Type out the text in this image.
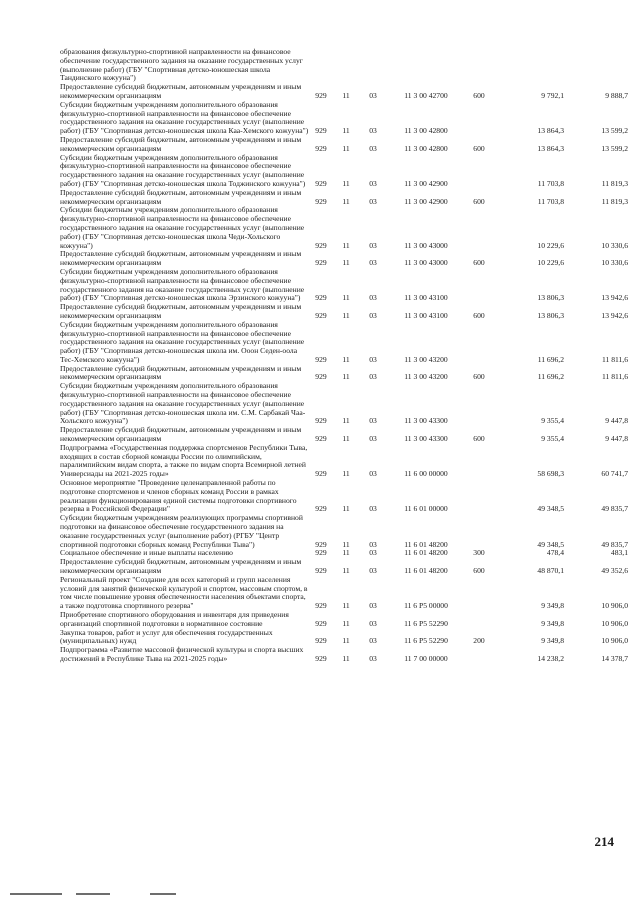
образования физкультурно-спортивной направленности на финансовое обеспечение государственного задания на оказание государственных услуг (выполнение работ) (ГБУ "Спортивная детско-юношеская школа Тандинского кожууна")							
Предоставление субсидий бюджетным, автономным учреждениям и иным некоммерческим организациям	929	11	03	11 3 00 42700	600	9 792,1	9 888,7
Субсидии бюджетным учреждениям дополнительного образования физкультурно-спортивной направленности на финансовое обеспечение государственного задания на оказание государственных услуг (выполнение работ) (ГБУ "Спортивная детско-юношеская школа Каа-Хемского кожууна")	929	11	03	11 3 00 42800		13 864,3	13 599,2
Предоставление субсидий бюджетным, автономным учреждениям и иным некоммерческим организациям	929	11	03	11 3 00 42800	600	13 864,3	13 599,2
Субсидии бюджетным учреждениям дополнительного образования физкультурно-спортивной направленности на финансовое обеспечение государственного задания на оказание государственных услуг (выполнение работ) (ГБУ "Спортивная детско-юношеская школа Тоджинского кожууна")	929	11	03	11 3 00 42900		11 703,8	11 819,3
Предоставление субсидий бюджетным, автономным учреждениям и иным некоммерческим организациям	929	11	03	11 3 00 42900	600	11 703,8	11 819,3
Субсидии бюджетным учреждениям дополнительного образования физкультурно-спортивной направленности на финансовое обеспечение государственного задания на оказание государственных услуг (выполнение работ) (ГБУ "Спортивная детско-юношеская школа Чеди-Хольского кожууна")	929	11	03	11 3 00 43000		10 229,6	10 330,6
Предоставление субсидий бюджетным, автономным учреждениям и иным некоммерческим организациям	929	11	03	11 3 00 43000	600	10 229,6	10 330,6
Субсидии бюджетным учреждениям дополнительного образования физкультурно-спортивной направленности на финансовое обеспечение государственного задания на оказание государственных услуг (выполнение работ) (ГБУ "Спортивная детско-юношеская школа Эрзинского кожууна")	929	11	03	11 3 00 43100		13 806,3	13 942,6
Предоставление субсидий бюджетным, автономным учреждениям и иным некоммерческим организациям	929	11	03	11 3 00 43100	600	13 806,3	13 942,6
Субсидии бюджетным учреждениям дополнительного образования физкультурно-спортивной направленности на финансовое обеспечение государственного задания на оказание государственных услуг (выполнение работ) (ГБУ "Спортивная детско-юношеская школа им. Ооон Седен-оола Тес-Хемского кожууна")	929	11	03	11 3 00 43200		11 696,2	11 811,6
Предоставление субсидий бюджетным, автономным учреждениям и иным некоммерческим организациям	929	11	03	11 3 00 43200	600	11 696,2	11 811,6
Субсидии бюджетным учреждениям дополнительного образования физкультурно-спортивной направленности на финансовое обеспечение государственного задания на оказание государственных услуг (выполнение работ) (ГБУ "Спортивная детско-юношеская школа им. С.М. Сарбакай Чаа-Хольского кожууна")	929	11	03	11 3 00 43300		9 355,4	9 447,8
Предоставление субсидий бюджетным, автономным учреждениям и иным некоммерческим организациям	929	11	03	11 3 00 43300	600	9 355,4	9 447,8
Подпрограмма «Государственная поддержка спортсменов Республики Тыва, входящих в состав сборной команды России по олимпийским, паралимпийским видам спорта, а также по видам спорта Всемирной летней Универсиады на 2021-2025 годы»	929	11	03	11 6 00 00000		58 698,3	60 741,7
Основное мероприятие "Проведение целенаправленной работы по подготовке спортсменов и членов сборных команд России в рамках реализации функционирования единой системы подготовки спортивного резерва в Российской Федерации"	929	11	03	11 6 01 00000		49 348,5	49 835,7
Субсидии бюджетным учреждениям реализующих программы спортивной подготовки на финансовое обеспечение государственного задания на оказание государственных услуг (выполнение работ) (РГБУ "Центр спортивной подготовки сборных команд Республики Тыва")	929	11	03	11 6 01 48200		49 348,5	49 835,7
Социальное обеспечение и иные выплаты населению	929	11	03	11 6 01 48200	300	478,4	483,1
Предоставление субсидий бюджетным, автономным учреждениям и иным некоммерческим организациям	929	11	03	11 6 01 48200	600	48 870,1	49 352,6
Региональный проект "Создание для всех категорий и групп населения условий для занятий физической культурой и спортом, массовым спортом, в том числе повышение уровня обеспеченности населения объектами спорта, а также подготовка спортивного резерва"	929	11	03	11 6 P5 00000		9 349,8	10 906,0
Приобретение спортивного оборудования и инвентаря для приведения организаций спортивной подготовки в нормативное состояние	929	11	03	11 6 P5 52290		9 349,8	10 906,0
Закупка товаров, работ и услуг для обеспечения государственных (муниципальных) нужд	929	11	03	11 6 P5 52290	200	9 349,8	10 906,0
Подпрограмма «Развитие массовой физической культуры и спорта высших достижений в Республике Тыва на 2021-2025 годы»	929	11	03	11 7 00 00000		14 238,2	14 378,7
214
